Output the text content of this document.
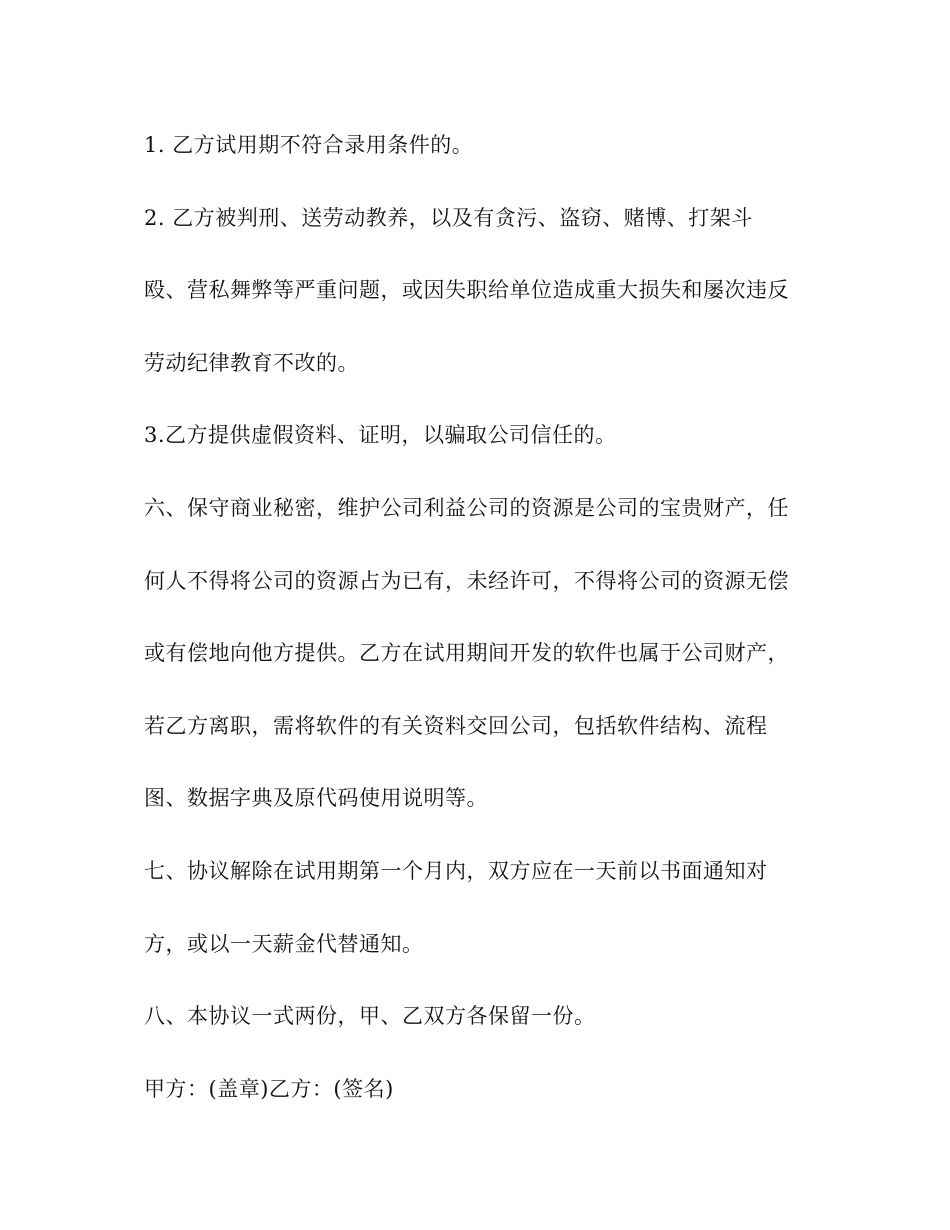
1. 乙方试用期不符合录用条件的。
2. 乙方被判刑、送劳动教养，以及有贪污、盗窃、赌博、打架斗
殴、营私舞弊等严重问题，或因失职给单位造成重大损失和屡次违反
劳动纪律教育不改的。
3.乙方提供虚假资料、证明，以骗取公司信任的。
六、保守商业秘密，维护公司利益公司的资源是公司的宝贵财产，任
何人不得将公司的资源占为已有，未经许可，不得将公司的资源无偿
或有偿地向他方提供。乙方在试用期间开发的软件也属于公司财产，
若乙方离职，需将软件的有关资料交回公司，包括软件结构、流程
图、数据字典及原代码使用说明等。
七、协议解除在试用期第一个月内，双方应在一天前以书面通知对
方，或以一天薪金代替通知。
八、本协议一式两份，甲、乙双方各保留一份。
甲方：(盖章)乙方：(签名)
